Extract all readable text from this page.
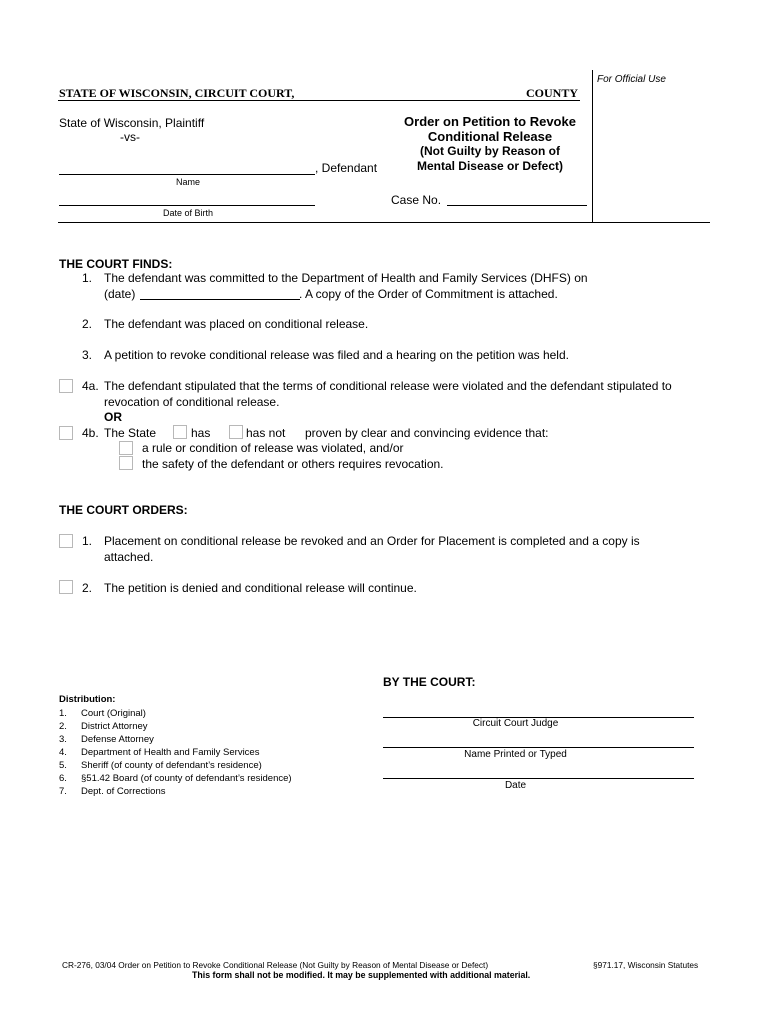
For Official Use
STATE OF WISCONSIN, CIRCUIT COURT,	COUNTY
State of Wisconsin, Plaintiff
-vs-
, Defendant
Name
Date of Birth
Order on Petition to Revoke
Conditional Release
(Not Guilty by Reason of
Mental Disease or Defect)
Case No.
THE COURT FINDS:
1. The defendant was committed to the Department of Health and Family Services (DHFS) on
(date)	. A copy of the Order of Commitment is attached.
2. The defendant was placed on conditional release.
3. A petition to revoke conditional release was filed and a hearing on the petition was held.
4a. The defendant stipulated that the terms of conditional release were violated and the defendant stipulated to
revocation of conditional release.
OR
4b. The State	has	has not proven by clear and convincing evidence that:
a rule or condition of release was violated, and/or
the safety of the defendant or others requires revocation.
THE COURT ORDERS:
1. Placement on conditional release be revoked and an Order for Placement is completed and a copy is
attached.
2. The petition is denied and conditional release will continue.
BY THE COURT:
Circuit Court Judge
Name Printed or Typed
Date
Distribution:
1. Court (Original)
2. District Attorney
3. Defense Attorney
4. Department of Health and Family Services
5. Sheriff (of county of defendant’s residence)
6. §51.42 Board (of county of defendant’s residence)
7. Dept. of Corrections
CR-276, 03/04 Order on Petition to Revoke Conditional Release (Not Guilty by Reason of Mental Disease or Defect)	§971.17, Wisconsin Statutes
This form shall not be modified. It may be supplemented with additional material.
